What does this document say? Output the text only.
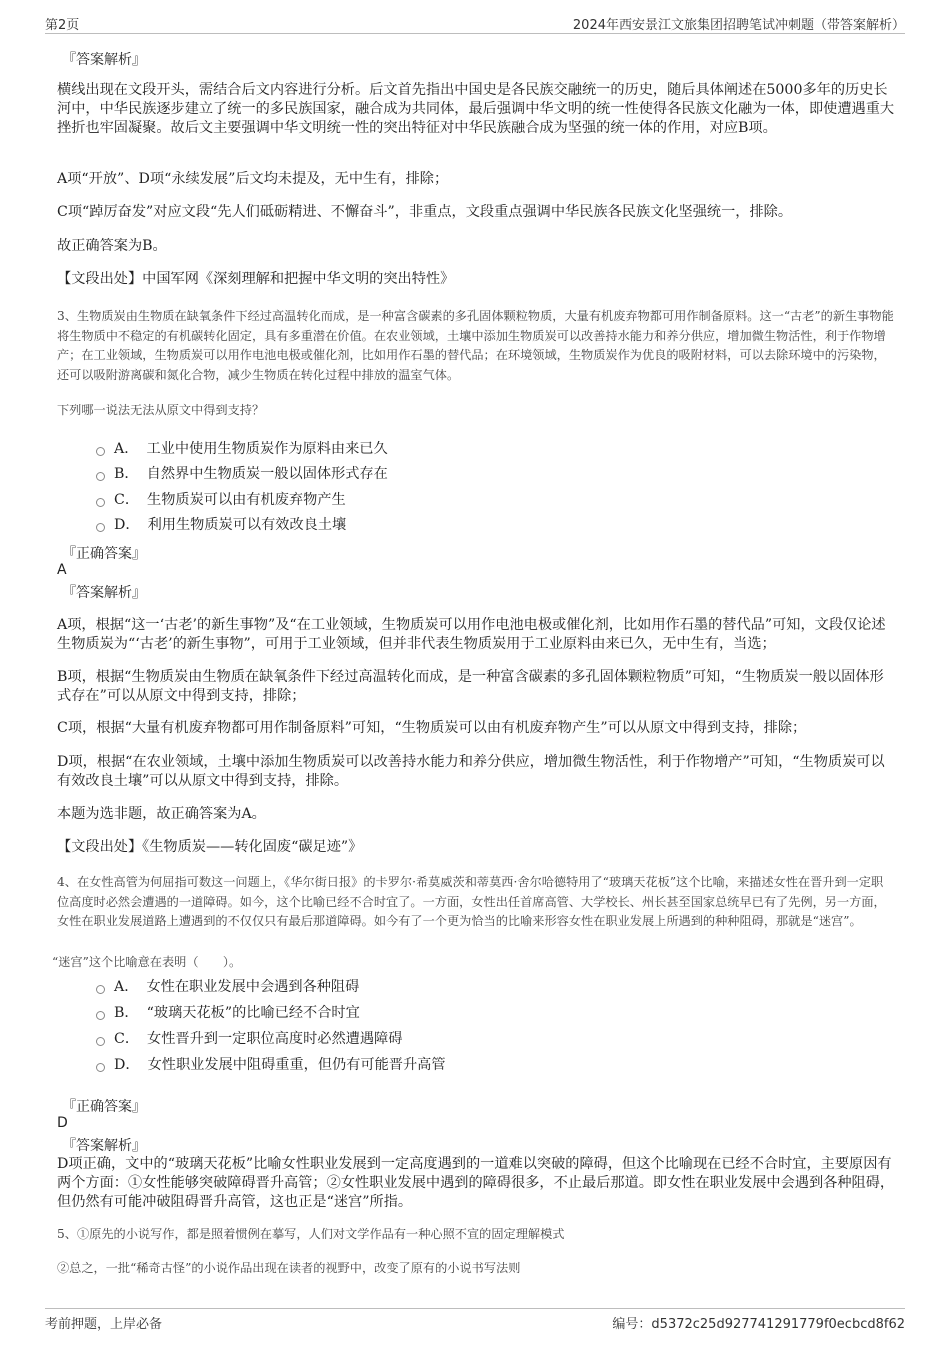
第2页	2024年西安景江文旅集团招聘笔试冲刺题（带答案解析）
『答案解析』
横线出现在文段开头，需结合后文内容进行分析。后文首先指出中国史是各民族交融统一的历史，随后具体阐述在5000多年的历史长河中，中华民族逐步建立了统一的多民族国家，融合成为共同体，最后强调中华文明的统一性使得各民族文化融为一体，即使遭遇重大挫折也牢固凝聚。故后文主要强调中华文明统一性的突出特征对中华民族融合成为坚强的统一体的作用，对应B项。
A项“开放”、D项“永续发展”后文均未提及，无中生有，排除；
C项“踔厉奋发”对应文段“先人们砥砺精进、不懈奋斗”，非重点，文段重点强调中华民族各民族文化坚强统一，排除。
故正确答案为B。
【文段出处】中国军网《深刻理解和把握中华文明的突出特性》
3、生物质炭由生物质在缺氧条件下经过高温转化而成，是一种富含碳素的多孔固体颗粒物质，大量有机废弃物都可用作制备原料。这一“古老”的新生事物能将生物质中不稳定的有机碳转化固定，具有多重潜在价值。在农业领域，土壤中添加生物质炭可以改善持水能力和养分供应，增加微生物活性，利于作物增产；在工业领域，生物质炭可以用作电池电极或催化剂，比如用作石墨的替代品；在环境领域，生物质炭作为优良的吸附材料，可以去除环境中的污染物，还可以吸附游离碳和氮化合物，减少生物质在转化过程中排放的温室气体。
下列哪一说法无法从原文中得到支持？
A． 工业中使用生物质炭作为原料由来已久
B． 自然界中生物质炭一般以固体形式存在
C． 生物质炭可以由有机废弃物产生
D． 利用生物质炭可以有效改良土壤
『正确答案』
A
『答案解析』
A项，根据“这一‘古老’的新生事物”及“在工业领域，生物质炭可以用作电池电极或催化剂，比如用作石墨的替代品”可知，文段仅论述生物质炭为“‘古老’的新生事物”，可用于工业领域，但并非代表生物质炭用于工业原料由来已久，无中生有，当选；
B项，根据“生物质炭由生物质在缺氧条件下经过高温转化而成，是一种富含碳素的多孔固体颗粒物质”可知，“生物质炭一般以固体形式存在”可以从原文中得到支持，排除；
C项，根据“大量有机废弃物都可用作制备原料”可知，“生物质炭可以由有机废弃物产生”可以从原文中得到支持，排除；
D项，根据“在农业领域，土壤中添加生物质炭可以改善持水能力和养分供应，增加微生物活性，利于作物增产”可知，“生物质炭可以有效改良土壤”可以从原文中得到支持，排除。
本题为选非题，故正确答案为A。
【文段出处】《生物质炭——转化固废“碳足迹”》
4、在女性高管为何屈指可数这一问题上，《华尔街日报》的卡罗尔·希莫威茨和蒂莫西·舍尔哈德特用了“玻璃天花板”这个比喻，来描述女性在晋升到一定职位高度时必然会遭遇的一道障碍。如今，这个比喻已经不合时宜了。一方面，女性出任首席高管、大学校长、州长甚至国家总统早已有了先例，另一方面，女性在职业发展道路上遭遇到的不仅仅只有最后那道障碍。如今有了一个更为恰当的比喻来形容女性在职业发展上所遇到的种种阻碍，那就是“迷宫”。
“迷宫”这个比喻意在表明（　　）。
A． 女性在职业发展中会遇到各种阻碍
B． “玻璃天花板”的比喻已经不合时宜
C． 女性晋升到一定职位高度时必然遭遇障碍
D． 女性职业发展中阻碍重重，但仍有可能晋升高管
『正确答案』
D
『答案解析』
D项正确，文中的“玻璃天花板”比喻女性职业发展到一定高度遇到的一道难以突破的障碍，但这个比喻现在已经不合时宜，主要原因有两个方面：①女性能够突破障碍晋升高管；②女性职业发展中遇到的障碍很多，不止最后那道。即女性在职业发展中会遇到各种阻碍，但仍然有可能冲破阻碍晋升高管，这也正是“迷宫”所指。
5、①原先的小说写作，都是照着惯例在摹写，人们对文学作品有一种心照不宣的固定理解模式
②总之，一批“稀奇古怪”的小说作品出现在读者的视野中，改变了原有的小说书写法则
考前押题，上岸必备	编号：d5372c25d927741291779f0ecbcd8f62
